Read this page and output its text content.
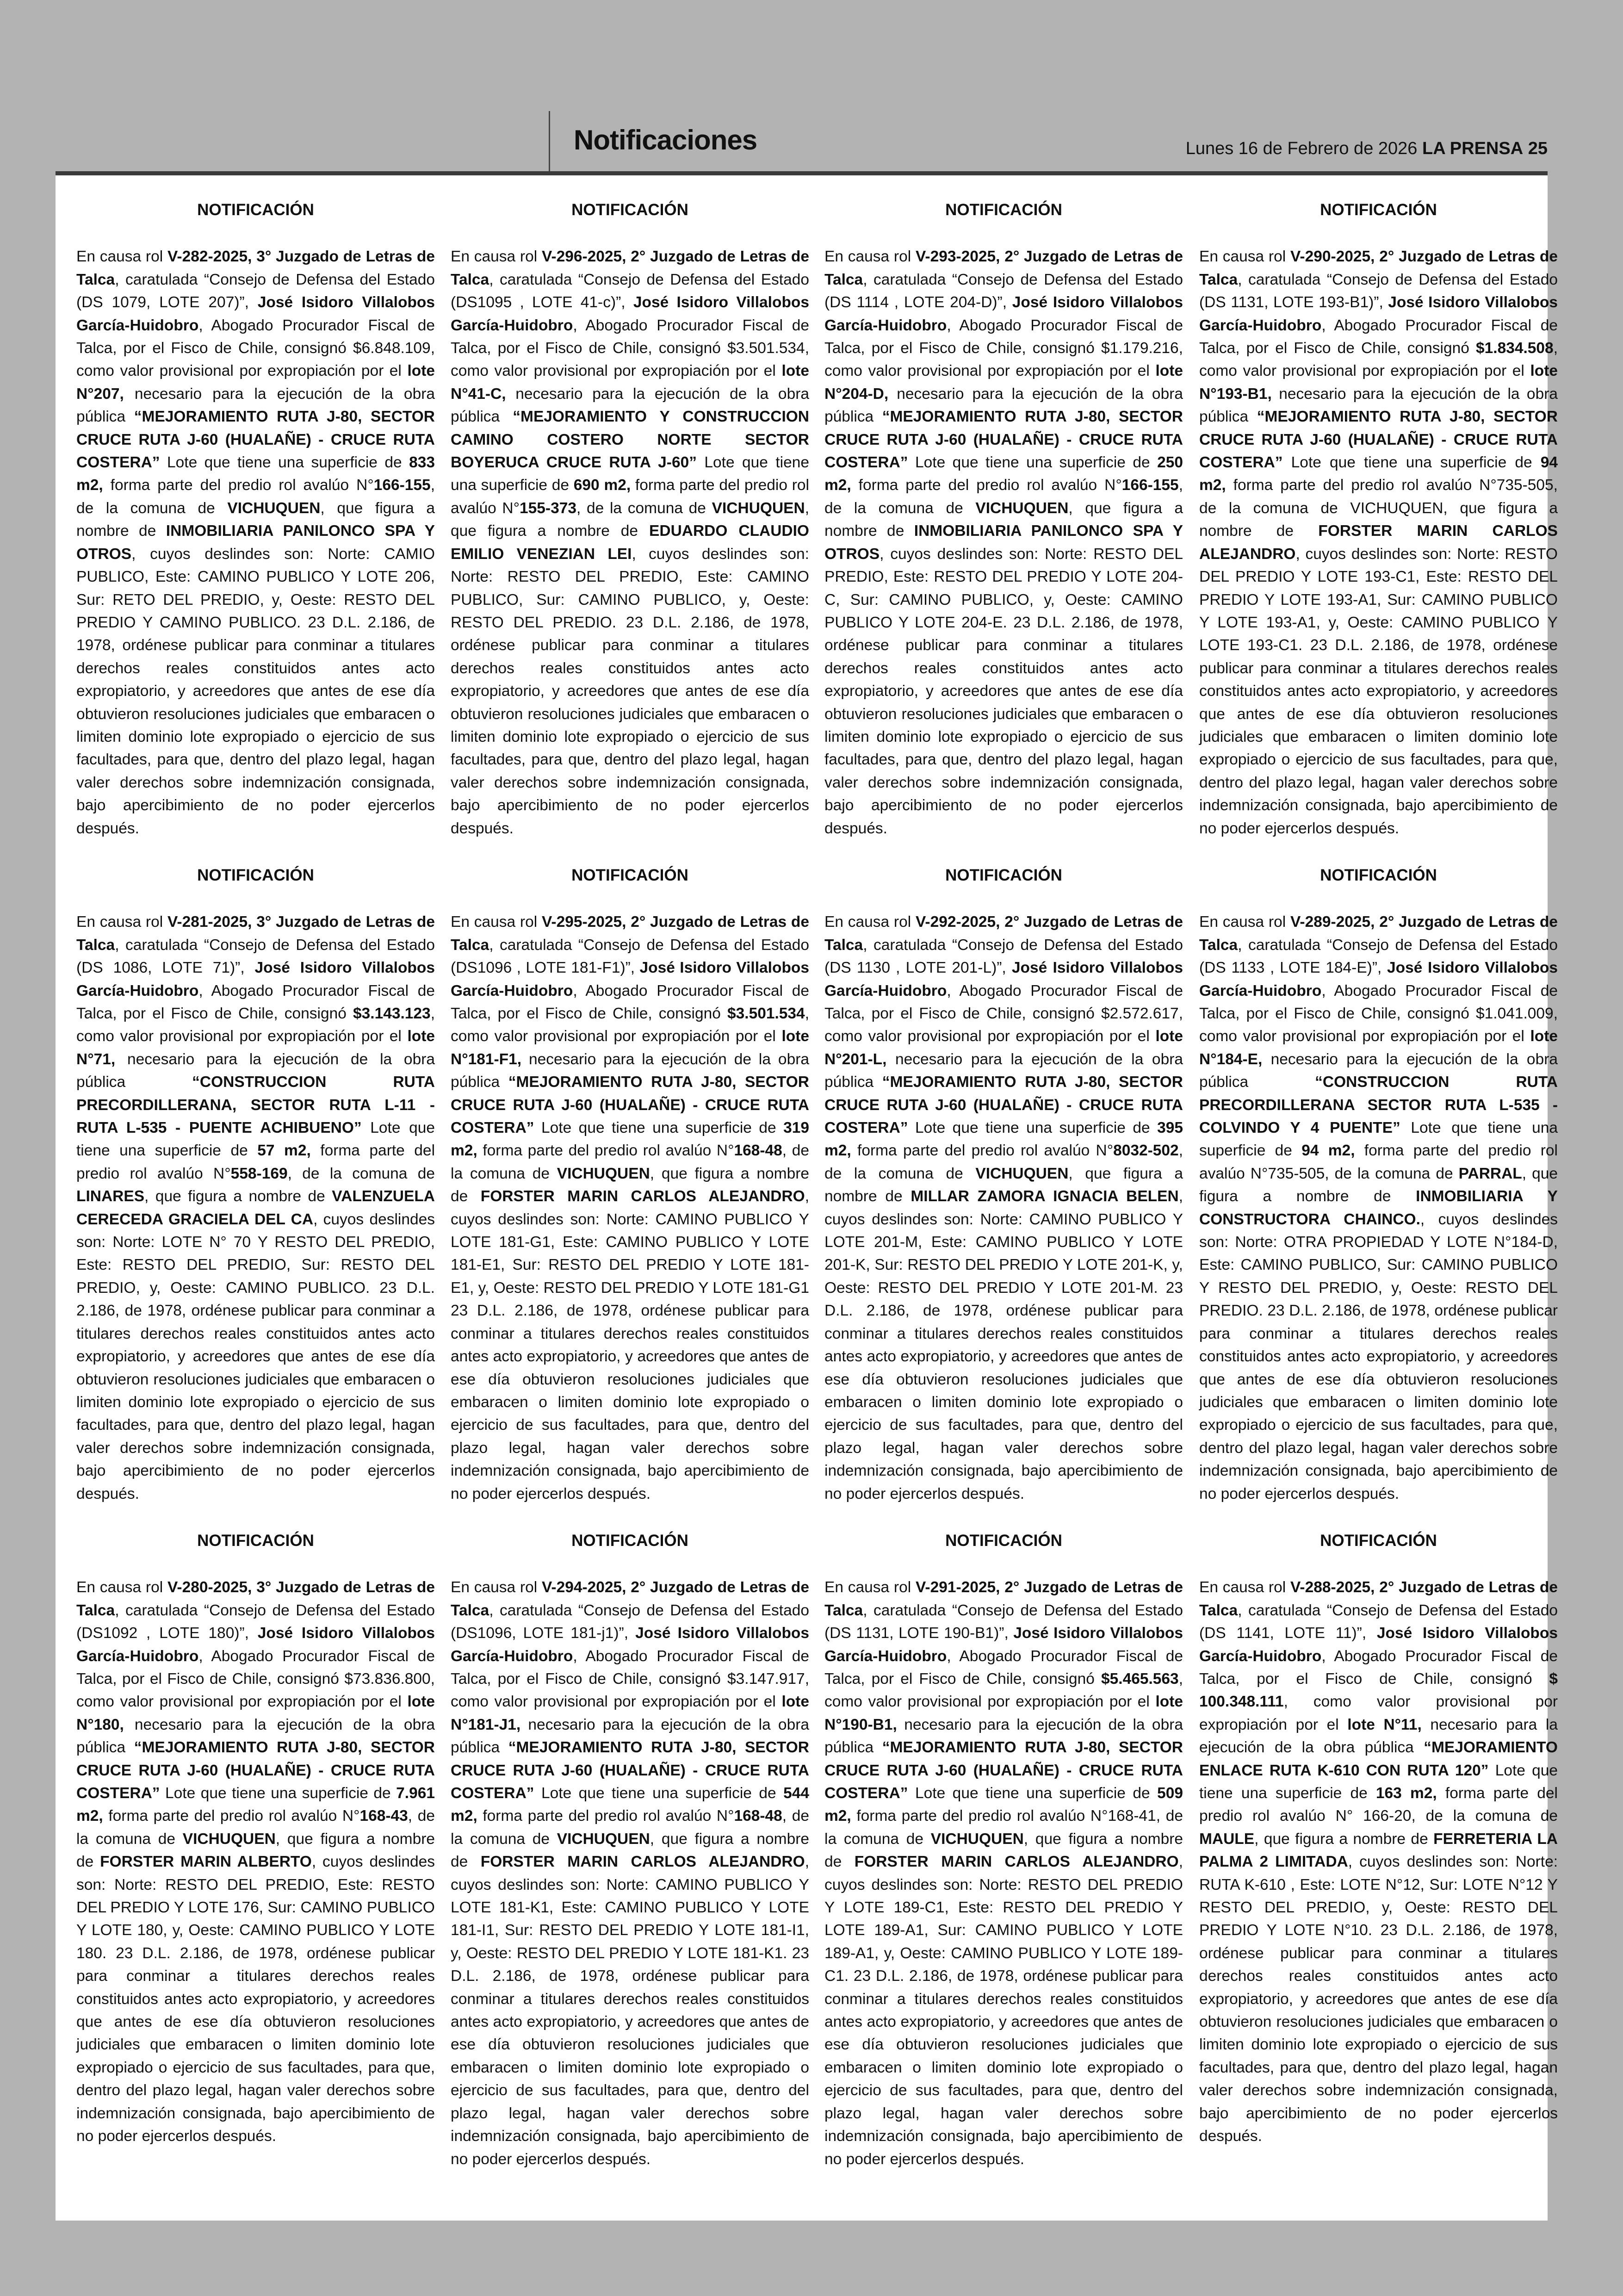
Notificaciones	Lunes 16 de Febrero de 2026 LA PRENSA 25
NOTIFICACIÓN
En causa rol V-282-2025, 3° Juzgado de Letras de Talca, caratulada “Consejo de Defensa del Estado (DS 1079, LOTE 207)”, José Isidoro Villalobos García-Huidobro, Abogado Procurador Fiscal de Talca, por el Fisco de Chile, consignó $6.848.109, como valor provisional por expropiación por el lote N°207, necesario para la ejecución de la obra pública “MEJORAMIENTO RUTA J-80, SECTOR CRUCE RUTA J-60 (HUALAÑE) - CRUCE RUTA COSTERA” Lote que tiene una superficie de 833 m2, forma parte del predio rol avalúo N°166-155, de la comuna de VICHUQUEN, que figura a nombre de INMOBILIARIA PANILONCO SPA Y OTROS, cuyos deslindes son: Norte: CAMIO PUBLICO, Este: CAMINO PUBLICO Y LOTE 206, Sur: RETO DEL PREDIO, y, Oeste: RESTO DEL PREDIO Y CAMINO PUBLICO. 23 D.L. 2.186, de 1978, ordénese publicar para conminar a titulares derechos reales constituidos antes acto expropiatorio, y acreedores que antes de ese día obtuvieron resoluciones judiciales que embaracen o limiten dominio lote expropiado o ejercicio de sus facultades, para que, dentro del plazo legal, hagan valer derechos sobre indemnización consignada, bajo apercibimiento de no poder ejercerlos después.
NOTIFICACIÓN
En causa rol V-281-2025, 3° Juzgado de Letras de Talca, caratulada “Consejo de Defensa del Estado (DS 1086, LOTE 71)”, José Isidoro Villalobos García-Huidobro, Abogado Procurador Fiscal de Talca, por el Fisco de Chile, consignó $3.143.123, como valor provisional por expropiación por el lote N°71, necesario para la ejecución de la obra pública “CONSTRUCCION RUTA PRECORDILLERANA, SECTOR RUTA L-11 - RUTA L-535 - PUENTE ACHIBUENO” Lote que tiene una superficie de 57 m2, forma parte del predio rol avalúo N°558-169, de la comuna de LINARES, que figura a nombre de VALENZUELA CERECEDA GRACIELA DEL CA, cuyos deslindes son: Norte: LOTE N° 70 Y RESTO DEL PREDIO, Este: RESTO DEL PREDIO, Sur: RESTO DEL PREDIO, y, Oeste: CAMINO PUBLICO. 23 D.L. 2.186, de 1978, ordénese publicar para conminar a titulares derechos reales constituidos antes acto expropiatorio, y acreedores que antes de ese día obtuvieron resoluciones judiciales que embaracen o limiten dominio lote expropiado o ejercicio de sus facultades, para que, dentro del plazo legal, hagan valer derechos sobre indemnización consignada, bajo apercibimiento de no poder ejercerlos después.
NOTIFICACIÓN
En causa rol V-280-2025, 3° Juzgado de Letras de Talca, caratulada “Consejo de Defensa del Estado (DS1092 , LOTE 180)”, José Isidoro Villalobos García-Huidobro, Abogado Procurador Fiscal de Talca, por el Fisco de Chile, consignó $73.836.800, como valor provisional por expropiación por el lote N°180, necesario para la ejecución de la obra pública “MEJORAMIENTO RUTA J-80, SECTOR CRUCE RUTA J-60 (HUALAÑE) - CRUCE RUTA COSTERA” Lote que tiene una superficie de 7.961 m2, forma parte del predio rol avalúo N°168-43, de la comuna de VICHUQUEN, que figura a nombre de FORSTER MARIN ALBERTO, cuyos deslindes son: Norte: RESTO DEL PREDIO, Este: RESTO DEL PREDIO Y LOTE 176, Sur: CAMINO PUBLICO Y LOTE 180, y, Oeste: CAMINO PUBLICO Y LOTE 180. 23 D.L. 2.186, de 1978, ordénese publicar para conminar a titulares derechos reales constituidos antes acto expropiatorio, y acreedores que antes de ese día obtuvieron resoluciones judiciales que embaracen o limiten dominio lote expropiado o ejercicio de sus facultades, para que, dentro del plazo legal, hagan valer derechos sobre indemnización consignada, bajo apercibimiento de no poder ejercerlos después.
NOTIFICACIÓN
En causa rol V-296-2025, 2° Juzgado de Letras de Talca, caratulada “Consejo de Defensa del Estado (DS1095 , LOTE 41-c)”, José Isidoro Villalobos García-Huidobro, Abogado Procurador Fiscal de Talca, por el Fisco de Chile, consignó $3.501.534, como valor provisional por expropiación por el lote N°41-C, necesario para la ejecución de la obra pública “MEJORAMIENTO Y CONSTRUCCION CAMINO COSTERO NORTE SECTOR BOYERUCA CRUCE RUTA J-60” Lote que tiene una superficie de 690 m2, forma parte del predio rol avalúo N°155-373, de la comuna de VICHUQUEN, que figura a nombre de EDUARDO CLAUDIO EMILIO VENEZIAN LEI, cuyos deslindes son: Norte: RESTO DEL PREDIO, Este: CAMINO PUBLICO, Sur: CAMINO PUBLICO, y, Oeste: RESTO DEL PREDIO. 23 D.L. 2.186, de 1978, ordénese publicar para conminar a titulares derechos reales constituidos antes acto expropiatorio, y acreedores que antes de ese día obtuvieron resoluciones judiciales que embaracen o limiten dominio lote expropiado o ejercicio de sus facultades, para que, dentro del plazo legal, hagan valer derechos sobre indemnización consignada, bajo apercibimiento de no poder ejercerlos después.
NOTIFICACIÓN
En causa rol V-295-2025, 2° Juzgado de Letras de Talca, caratulada “Consejo de Defensa del Estado (DS1096 , LOTE 181-F1)”, José Isidoro Villalobos García-Huidobro, Abogado Procurador Fiscal de Talca, por el Fisco de Chile, consignó $3.501.534, como valor provisional por expropiación por el lote N°181-F1, necesario para la ejecución de la obra pública “MEJORAMIENTO RUTA J-80, SECTOR CRUCE RUTA J-60 (HUALAÑE) - CRUCE RUTA COSTERA” Lote que tiene una superficie de 319 m2, forma parte del predio rol avalúo N°168-48, de la comuna de VICHUQUEN, que figura a nombre de FORSTER MARIN CARLOS ALEJANDRO, cuyos deslindes son: Norte: CAMINO PUBLICO Y LOTE 181-G1, Este: CAMINO PUBLICO Y LOTE 181-E1, Sur: RESTO DEL PREDIO Y LOTE 181-E1, y, Oeste: RESTO DEL PREDIO Y LOTE 181-G1 23 D.L. 2.186, de 1978, ordénese publicar para conminar a titulares derechos reales constituidos antes acto expropiatorio, y acreedores que antes de ese día obtuvieron resoluciones judiciales que embaracen o limiten dominio lote expropiado o ejercicio de sus facultades, para que, dentro del plazo legal, hagan valer derechos sobre indemnización consignada, bajo apercibimiento de no poder ejercerlos después.
NOTIFICACIÓN
En causa rol V-294-2025, 2° Juzgado de Letras de Talca, caratulada “Consejo de Defensa del Estado (DS1096, LOTE 181-j1)”, José Isidoro Villalobos García-Huidobro, Abogado Procurador Fiscal de Talca, por el Fisco de Chile, consignó $3.147.917, como valor provisional por expropiación por el lote N°181-J1, necesario para la ejecución de la obra pública “MEJORAMIENTO RUTA J-80, SECTOR CRUCE RUTA J-60 (HUALAÑE) - CRUCE RUTA COSTERA” Lote que tiene una superficie de 544 m2, forma parte del predio rol avalúo N°168-48, de la comuna de VICHUQUEN, que figura a nombre de FORSTER MARIN CARLOS ALEJANDRO, cuyos deslindes son: Norte: CAMINO PUBLICO Y LOTE 181-K1, Este: CAMINO PUBLICO Y LOTE 181-I1, Sur: RESTO DEL PREDIO Y LOTE 181-I1, y, Oeste: RESTO DEL PREDIO Y LOTE 181-K1. 23 D.L. 2.186, de 1978, ordénese publicar para conminar a titulares derechos reales constituidos antes acto expropiatorio, y acreedores que antes de ese día obtuvieron resoluciones judiciales que embaracen o limiten dominio lote expropiado o ejercicio de sus facultades, para que, dentro del plazo legal, hagan valer derechos sobre indemnización consignada, bajo apercibimiento de no poder ejercerlos después.
NOTIFICACIÓN
En causa rol V-293-2025, 2° Juzgado de Letras de Talca, caratulada “Consejo de Defensa del Estado (DS 1114 , LOTE 204-D)”, José Isidoro Villalobos García-Huidobro, Abogado Procurador Fiscal de Talca, por el Fisco de Chile, consignó $1.179.216, como valor provisional por expropiación por el lote N°204-D, necesario para la ejecución de la obra pública “MEJORAMIENTO RUTA J-80, SECTOR CRUCE RUTA J-60 (HUALAÑE) - CRUCE RUTA COSTERA” Lote que tiene una superficie de 250 m2, forma parte del predio rol avalúo N°166-155, de la comuna de VICHUQUEN, que figura a nombre de INMOBILIARIA PANILONCO SPA Y OTROS, cuyos deslindes son: Norte: RESTO DEL PREDIO, Este: RESTO DEL PREDIO Y LOTE 204-C, Sur: CAMINO PUBLICO, y, Oeste: CAMINO PUBLICO Y LOTE 204-E. 23 D.L. 2.186, de 1978, ordénese publicar para conminar a titulares derechos reales constituidos antes acto expropiatorio, y acreedores que antes de ese día obtuvieron resoluciones judiciales que embaracen o limiten dominio lote expropiado o ejercicio de sus facultades, para que, dentro del plazo legal, hagan valer derechos sobre indemnización consignada, bajo apercibimiento de no poder ejercerlos después.
NOTIFICACIÓN
En causa rol V-292-2025, 2° Juzgado de Letras de Talca, caratulada “Consejo de Defensa del Estado (DS 1130 , LOTE 201-L)”, José Isidoro Villalobos García-Huidobro, Abogado Procurador Fiscal de Talca, por el Fisco de Chile, consignó $2.572.617, como valor provisional por expropiación por el lote N°201-L, necesario para la ejecución de la obra pública “MEJORAMIENTO RUTA J-80, SECTOR CRUCE RUTA J-60 (HUALAÑE) - CRUCE RUTA COSTERA” Lote que tiene una superficie de 395 m2, forma parte del predio rol avalúo N°8032-502, de la comuna de VICHUQUEN, que figura a nombre de MILLAR ZAMORA IGNACIA BELEN, cuyos deslindes son: Norte: CAMINO PUBLICO Y LOTE 201-M, Este: CAMINO PUBLICO Y LOTE 201-K, Sur: RESTO DEL PREDIO Y LOTE 201-K, y, Oeste: RESTO DEL PREDIO Y LOTE 201-M. 23 D.L. 2.186, de 1978, ordénese publicar para conminar a titulares derechos reales constituidos antes acto expropiatorio, y acreedores que antes de ese día obtuvieron resoluciones judiciales que embaracen o limiten dominio lote expropiado o ejercicio de sus facultades, para que, dentro del plazo legal, hagan valer derechos sobre indemnización consignada, bajo apercibimiento de no poder ejercerlos después.
NOTIFICACIÓN
En causa rol V-291-2025, 2° Juzgado de Letras de Talca, caratulada “Consejo de Defensa del Estado (DS 1131, LOTE 190-B1)”, José Isidoro Villalobos García-Huidobro, Abogado Procurador Fiscal de Talca, por el Fisco de Chile, consignó $5.465.563, como valor provisional por expropiación por el lote N°190-B1, necesario para la ejecución de la obra pública “MEJORAMIENTO RUTA J-80, SECTOR CRUCE RUTA J-60 (HUALAÑE) - CRUCE RUTA COSTERA” Lote que tiene una superficie de 509 m2, forma parte del predio rol avalúo N°168-41, de la comuna de VICHUQUEN, que figura a nombre de FORSTER MARIN CARLOS ALEJANDRO, cuyos deslindes son: Norte: RESTO DEL PREDIO Y LOTE 189-C1, Este: RESTO DEL PREDIO Y LOTE 189-A1, Sur: CAMINO PUBLICO Y LOTE 189-A1, y, Oeste: CAMINO PUBLICO Y LOTE 189-C1. 23 D.L. 2.186, de 1978, ordénese publicar para conminar a titulares derechos reales constituidos antes acto expropiatorio, y acreedores que antes de ese día obtuvieron resoluciones judiciales que embaracen o limiten dominio lote expropiado o ejercicio de sus facultades, para que, dentro del plazo legal, hagan valer derechos sobre indemnización consignada, bajo apercibimiento de no poder ejercerlos después.
NOTIFICACIÓN
En causa rol V-290-2025, 2° Juzgado de Letras de Talca, caratulada “Consejo de Defensa del Estado (DS 1131, LOTE 193-B1)”, José Isidoro Villalobos García-Huidobro, Abogado Procurador Fiscal de Talca, por el Fisco de Chile, consignó $1.834.508, como valor provisional por expropiación por el lote N°193-B1, necesario para la ejecución de la obra pública “MEJORAMIENTO RUTA J-80, SECTOR CRUCE RUTA J-60 (HUALAÑE) - CRUCE RUTA COSTERA” Lote que tiene una superficie de 94 m2, forma parte del predio rol avalúo N°735-505, de la comuna de VICHUQUEN, que figura a nombre de FORSTER MARIN CARLOS ALEJANDRO, cuyos deslindes son: Norte: RESTO DEL PREDIO Y LOTE 193-C1, Este: RESTO DEL PREDIO Y LOTE 193-A1, Sur: CAMINO PUBLICO Y LOTE 193-A1, y, Oeste: CAMINO PUBLICO Y LOTE 193-C1. 23 D.L. 2.186, de 1978, ordénese publicar para conminar a titulares derechos reales constituidos antes acto expropiatorio, y acreedores que antes de ese día obtuvieron resoluciones judiciales que embaracen o limiten dominio lote expropiado o ejercicio de sus facultades, para que, dentro del plazo legal, hagan valer derechos sobre indemnización consignada, bajo apercibimiento de no poder ejercerlos después.
NOTIFICACIÓN
En causa rol V-289-2025, 2° Juzgado de Letras de Talca, caratulada “Consejo de Defensa del Estado (DS 1133 , LOTE 184-E)”, José Isidoro Villalobos García-Huidobro, Abogado Procurador Fiscal de Talca, por el Fisco de Chile, consignó $1.041.009, como valor provisional por expropiación por el lote N°184-E, necesario para la ejecución de la obra pública “CONSTRUCCION RUTA PRECORDILLERANA SECTOR RUTA L-535 - COLVINDO Y 4 PUENTE” Lote que tiene una superficie de 94 m2, forma parte del predio rol avalúo N°735-505, de la comuna de PARRAL, que figura a nombre de INMOBILIARIA Y CONSTRUCTORA CHAINCO., cuyos deslindes son: Norte: OTRA PROPIEDAD Y LOTE N°184-D, Este: CAMINO PUBLICO, Sur: CAMINO PUBLICO Y RESTO DEL PREDIO, y, Oeste: RESTO DEL PREDIO. 23 D.L. 2.186, de 1978, ordénese publicar para conminar a titulares derechos reales constituidos antes acto expropiatorio, y acreedores que antes de ese día obtuvieron resoluciones judiciales que embaracen o limiten dominio lote expropiado o ejercicio de sus facultades, para que, dentro del plazo legal, hagan valer derechos sobre indemnización consignada, bajo apercibimiento de no poder ejercerlos después.
NOTIFICACIÓN
En causa rol V-288-2025, 2° Juzgado de Letras de Talca, caratulada “Consejo de Defensa del Estado (DS 1141, LOTE 11)”, José Isidoro Villalobos García-Huidobro, Abogado Procurador Fiscal de Talca, por el Fisco de Chile, consignó $ 100.348.111, como valor provisional por expropiación por el lote N°11, necesario para la ejecución de la obra pública “MEJORAMIENTO ENLACE RUTA K-610 CON RUTA 120” Lote que tiene una superficie de 163 m2, forma parte del predio rol avalúo N° 166-20, de la comuna de MAULE, que figura a nombre de FERRETERIA LA PALMA 2 LIMITADA, cuyos deslindes son: Norte: RUTA K-610 , Este: LOTE N°12, Sur: LOTE N°12 Y RESTO DEL PREDIO, y, Oeste: RESTO DEL PREDIO Y LOTE N°10. 23 D.L. 2.186, de 1978, ordénese publicar para conminar a titulares derechos reales constituidos antes acto expropiatorio, y acreedores que antes de ese día obtuvieron resoluciones judiciales que embaracen o limiten dominio lote expropiado o ejercicio de sus facultades, para que, dentro del plazo legal, hagan valer derechos sobre indemnización consignada, bajo apercibimiento de no poder ejercerlos después.
